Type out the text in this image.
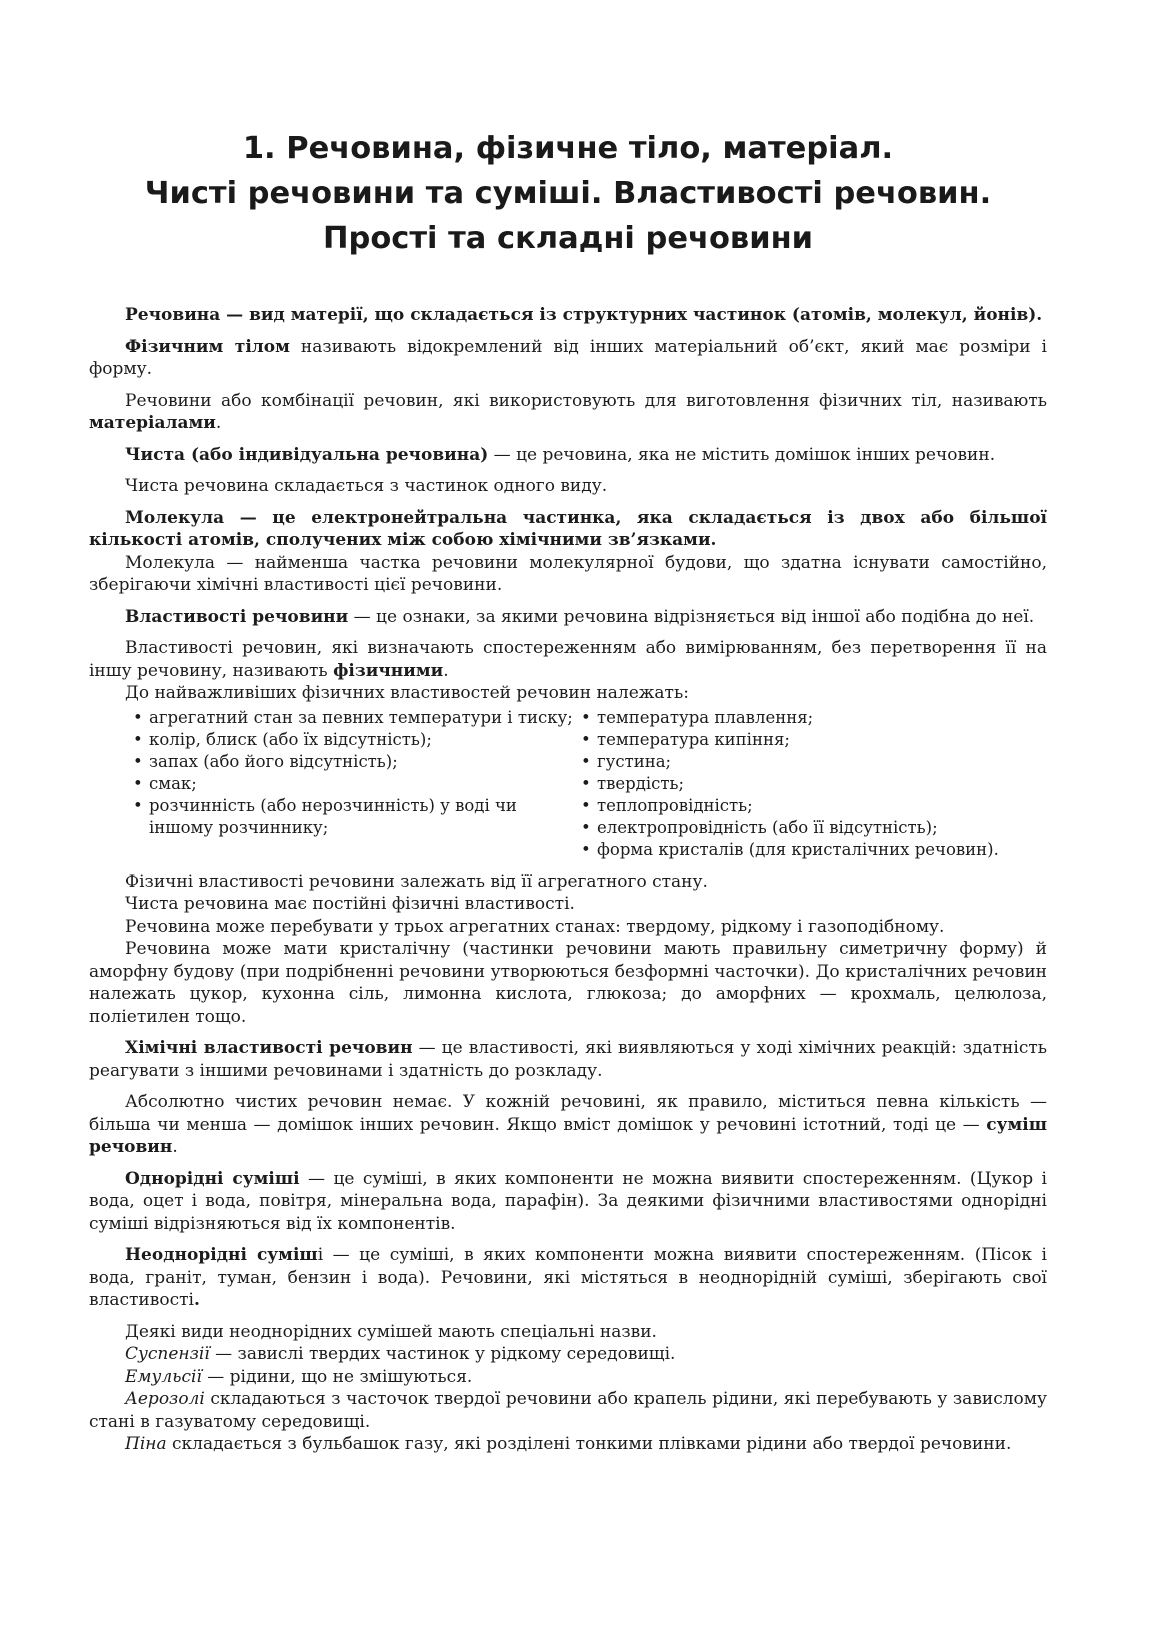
1. Речовина, фізичне тіло, матеріал.
Чисті речовини та суміші. Властивості речовин.
Прості та складні речовини

Речовина — вид матерії, що складається із структурних частинок (атомів, молекул, йонів).

Фізичним тілом називають відокремлений від інших матеріальний об’єкт, який має розміри і форму.

Речовини або комбінації речовин, які використовують для виготовлення фізичних тіл, називають матеріалами.

Чиста (або індивідуальна речовина) — це речовина, яка не містить домішок інших речовин.

Чиста речовина складається з частинок одного виду.

Молекула — це електронейтральна частинка, яка складається із двох або більшої кількості атомів, сполучених між собою хімічними зв’язками.

Молекула — найменша частка речовини молекулярної будови, що здатна існувати самостійно, зберігаючи хімічні властивості цієї речовини.

Властивості речовини — це ознаки, за якими речовина відрізняється від іншої або подібна до неї.

Властивості речовин, які визначають спостереженням або вимірюванням, без перетворення її на іншу речовину, називають фізичними.

До найважливіших фізичних властивостей речовин належать:

• агрегатний стан за певних температури і тиску;
• колір, блиск (або їх відсутність);
• запах (або його відсутність);
• смак;
• розчинність (або нерозчинність) у воді чи іншому розчиннику;
• температура плавлення;
• температура кипіння;
• густина;
• твердість;
• теплопровідність;
• електропровідність (або її відсутність);
• форма кристалів (для кристалічних речовин).

Фізичні властивості речовини залежать від її агрегатного стану.

Чиста речовина має постійні фізичні властивості.

Речовина може перебувати у трьох агрегатних станах: твердому, рідкому і газоподібному.

Речовина може мати кристалічну (частинки речовини мають правильну симетричну форму) й аморфну будову (при подрібненні речовини утворюються безформні часточки). До кристалічних речовин належать цукор, кухонна сіль, лимонна кислота, глюкоза; до аморфних — крохмаль, целюлоза, поліетилен тощо.

Хімічні властивості речовин — це властивості, які виявляються у ході хімічних реакцій: здатність реагувати з іншими речовинами і здатність до розкладу.

Абсолютно чистих речовин немає. У кожній речовині, як правило, міститься певна кількість — більша чи менша — домішок інших речовин. Якщо вміст домішок у речовині істотний, тоді це — суміш речовин.

Однорідні суміші — це суміші, в яких компоненти не можна виявити спостереженням. (Цукор і вода, оцет і вода, повітря, мінеральна вода, парафін). За деякими фізичними властивостями однорідні суміші відрізняються від їх компонентів.

Неоднорідні сумiші — це суміші, в яких компоненти можна виявити спостереженням. (Пісок і вода, граніт, туман, бензин і вода). Речовини, які містяться в неоднорідній суміші, зберігають свої властивості.

Деякі види неоднорідних сумішей мають спеціальні назви.

Суспензії — завислі твердих частинок у рідкому середовищі.

Емульсії — рідини, що не змішуються.

Аерозолі складаються з часточок твердої речовини або крапель рідини, які перебувають у завислому стані в газуватому середовищі.

Піна складається з бульбашок газу, які розділені тонкими плівками рідини або твердої речовини.
